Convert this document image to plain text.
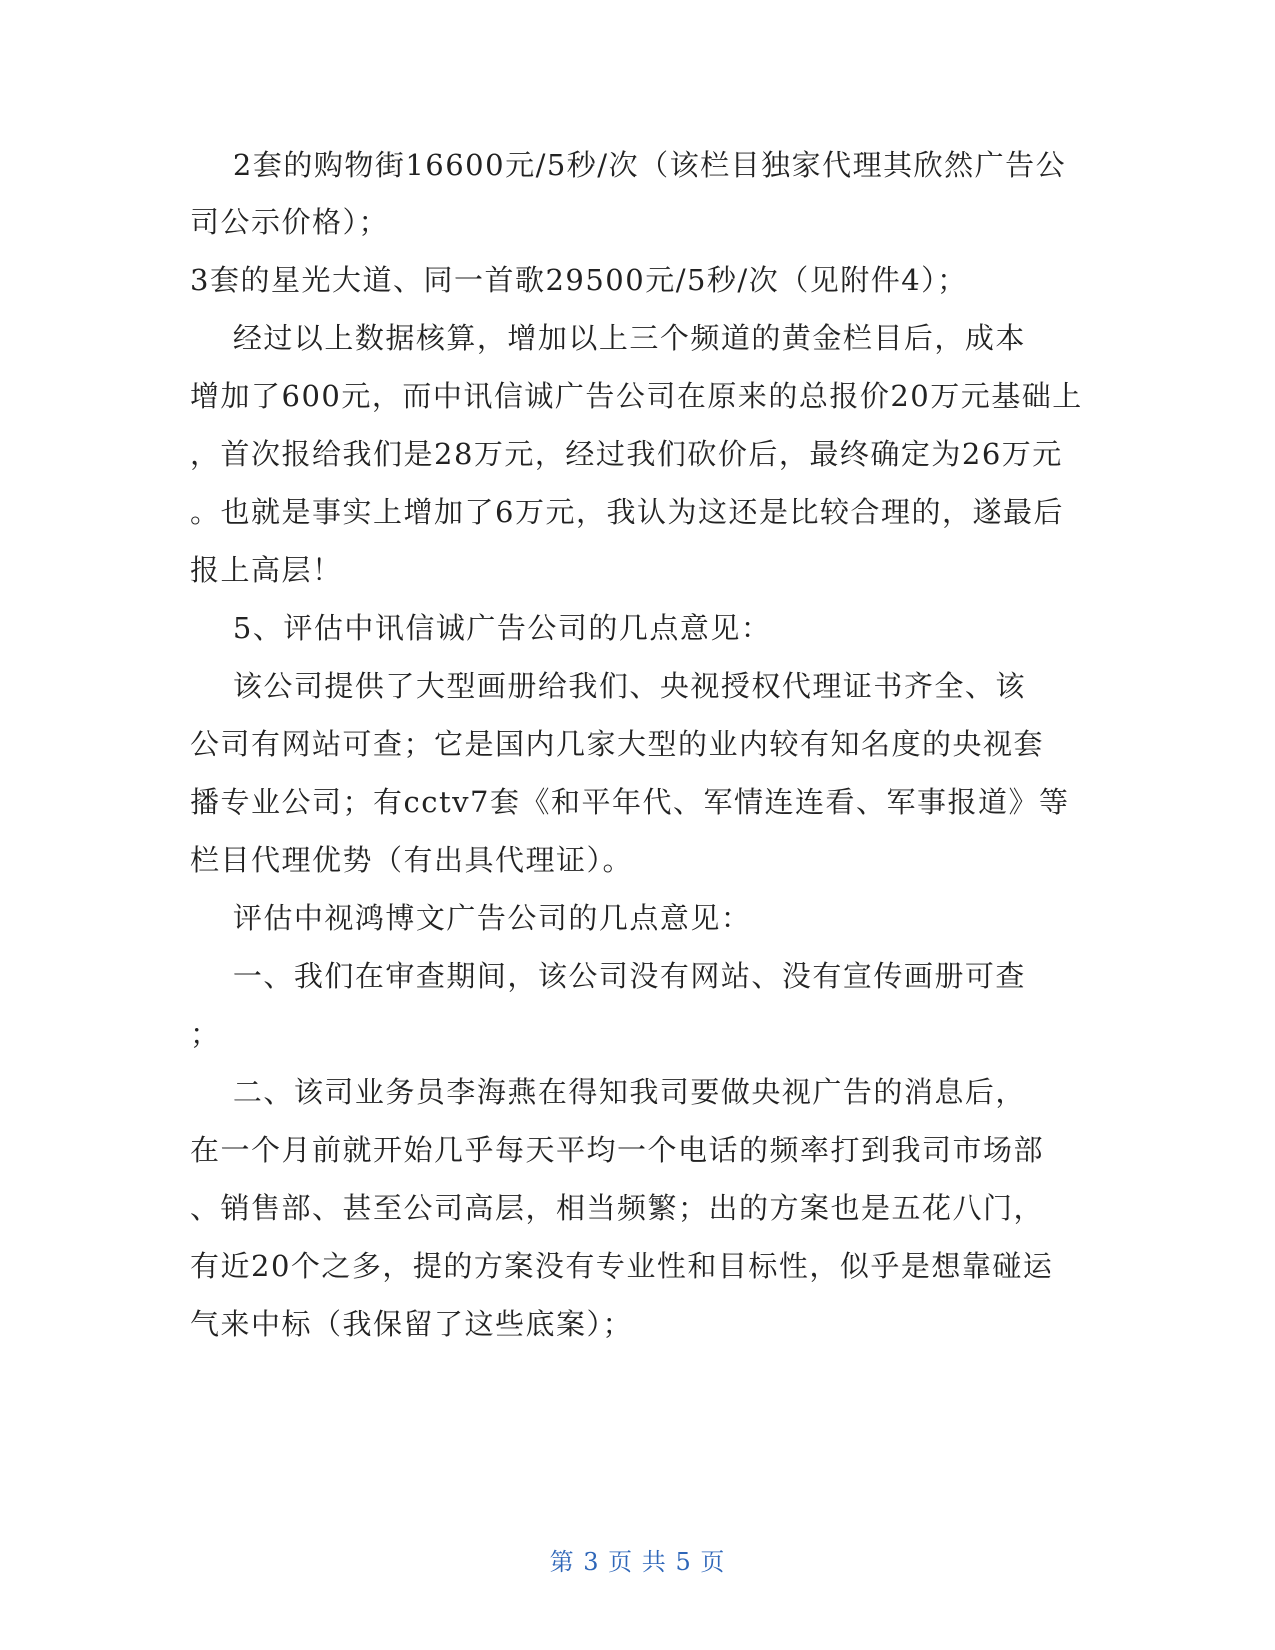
2套的购物街16600元/5秒/次（该栏目独家代理其欣然广告公
司公示价格）；
3套的星光大道、同一首歌29500元/5秒/次（见附件4）；
经过以上数据核算，增加以上三个频道的黄金栏目后，成本
增加了600元，而中讯信诚广告公司在原来的总报价20万元基础上
，首次报给我们是28万元，经过我们砍价后，最终确定为26万元
。也就是事实上增加了6万元，我认为这还是比较合理的，遂最后
报上高层！
5、评估中讯信诚广告公司的几点意见：
该公司提供了大型画册给我们、央视授权代理证书齐全、该
公司有网站可查；它是国内几家大型的业内较有知名度的央视套
播专业公司；有cctv7套《和平年代、军情连连看、军事报道》等
栏目代理优势（有出具代理证）。
评估中视鸿博文广告公司的几点意见：
一、我们在审查期间，该公司没有网站、没有宣传画册可查
；
二、该司业务员李海燕在得知我司要做央视广告的消息后，
在一个月前就开始几乎每天平均一个电话的频率打到我司市场部
、销售部、甚至公司高层，相当频繁；出的方案也是五花八门，
有近20个之多，提的方案没有专业性和目标性，似乎是想靠碰运
气来中标（我保留了这些底案）；
第 3 页 共 5 页
